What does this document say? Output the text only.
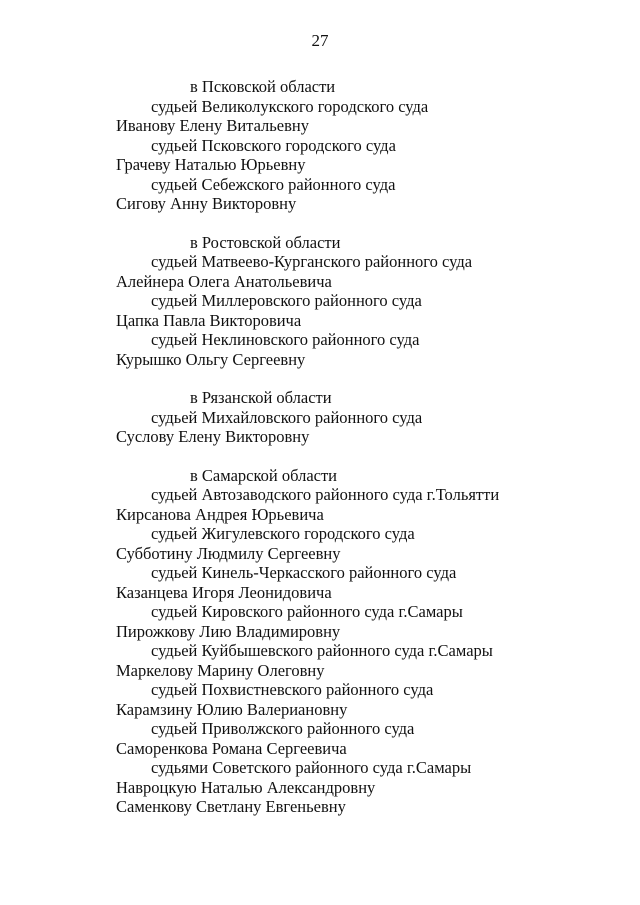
27
в Псковской области
судьей Великолукского городского суда
Иванову Елену Витальевну
судьей Псковского городского суда
Грачеву Наталью Юрьевну
судьей Себежского районного суда
Сигову Анну Викторовну
в Ростовской области
судьей Матвеево-Курганского районного суда
Алейнера Олега Анатольевича
судьей Миллеровского районного суда
Цапка Павла Викторовича
судьей Неклиновского районного суда
Курышко Ольгу Сергеевну
в Рязанской области
судьей Михайловского районного суда
Суслову Елену Викторовну
в Самарской области
судьей Автозаводского районного суда г.Тольятти
Кирсанова Андрея Юрьевича
судьей Жигулевского городского суда
Субботину Людмилу Сергеевну
судьей Кинель-Черкасского районного суда
Казанцева Игоря Леонидовича
судьей Кировского районного суда г.Самары
Пирожкову Лию Владимировну
судьей Куйбышевского районного суда г.Самары
Маркелову Марину Олеговну
судьей Похвистневского районного суда
Карамзину Юлию Валериановну
судьей Приволжского районного суда
Саморенкова Романа Сергеевича
судьями Советского районного суда г.Самары
Навроцкую Наталью Александровну
Саменкову Светлану Евгеньевну
